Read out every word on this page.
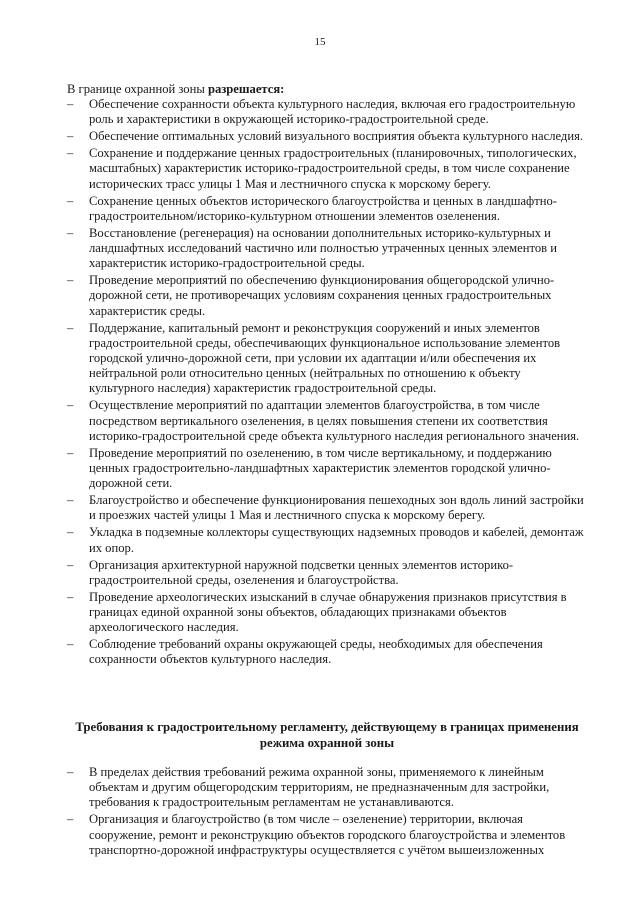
15
В границе охранной зоны разрешается:
– Обеспечение сохранности объекта культурного наследия, включая его градостроительную роль и характеристики в окружающей историко-градостроительной среде.
– Обеспечение оптимальных условий визуального восприятия объекта культурного наследия.
– Сохранение и поддержание ценных градостроительных (планировочных, типологических, масштабных) характеристик историко-градостроительной среды, в том числе сохранение исторических трасс улицы 1 Мая и лестничного спуска к морскому берегу.
– Сохранение ценных объектов исторического благоустройства и ценных в ландшафтно-градостроительном/историко-культурном отношении элементов озеленения.
– Восстановление (регенерация) на основании дополнительных историко-культурных и ландшафтных исследований частично или полностью утраченных ценных элементов и характеристик историко-градостроительной среды.
– Проведение мероприятий по обеспечению функционирования общегородской улично-дорожной сети, не противоречащих условиям сохранения ценных градостроительных характеристик среды.
– Поддержание, капитальный ремонт и реконструкция сооружений и иных элементов градостроительной среды, обеспечивающих функциональное использование элементов городской улично-дорожной сети, при условии их адаптации и/или обеспечения их нейтральной роли относительно ценных (нейтральных по отношению к объекту культурного наследия) характеристик градостроительной среды.
– Осуществление мероприятий по адаптации элементов благоустройства, в том числе посредством вертикального озеленения, в целях повышения степени их соответствия историко-градостроительной среде объекта культурного наследия регионального значения.
– Проведение мероприятий по озеленению, в том числе вертикальному, и поддержанию ценных градостроительно-ландшафтных характеристик элементов городской улично-дорожной сети.
– Благоустройство и обеспечение функционирования пешеходных зон вдоль линий застройки и проезжих частей улицы 1 Мая и лестничного спуска к морскому берегу.
– Укладка в подземные коллекторы существующих надземных проводов и кабелей, демонтаж их опор.
– Организация архитектурной наружной подсветки ценных элементов историко-градостроительной среды, озеленения и благоустройства.
– Проведение археологических изысканий в случае обнаружения признаков присутствия в границах единой охранной зоны объектов, обладающих признаками объектов археологического наследия.
– Соблюдение требований охраны окружающей среды, необходимых для обеспечения сохранности объектов культурного наследия.
Требования к градостроительному регламенту, действующему в границах применения режима охранной зоны
– В пределах действия требований режима охранной зоны, применяемого к линейным объектам и другим общегородским территориям, не предназначенным для застройки, требования к градостроительным регламентам не устанавливаются.
– Организация и благоустройство (в том числе – озеленение) территории, включая сооружение, ремонт и реконструкцию объектов городского благоустройства и элементов транспортно-дорожной инфраструктуры осуществляется с учётом вышеизложенных
